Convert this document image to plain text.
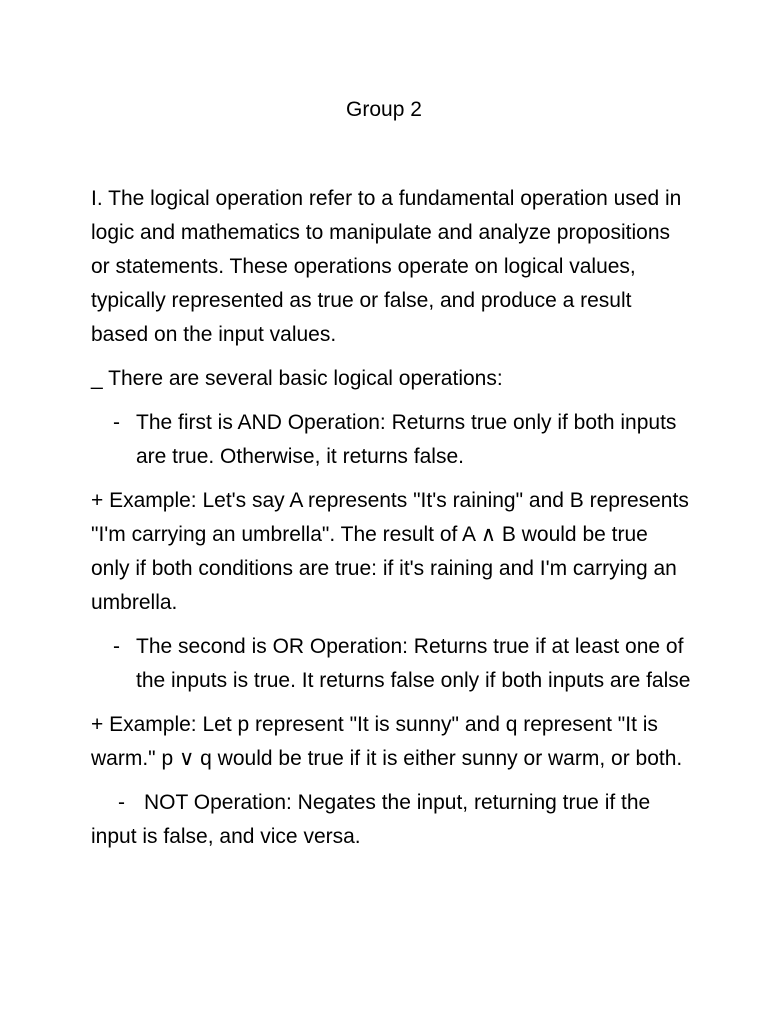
Group 2

I. The logical operation refer to a fundamental operation used in logic and mathematics to manipulate and analyze propositions or statements. These operations operate on logical values, typically represented as true or false, and produce a result based on the input values.

_ There are several basic logical operations:

- The first is AND Operation: Returns true only if both inputs are true. Otherwise, it returns false.

+ Example: Let's say A represents "It's raining" and B represents "I'm carrying an umbrella". The result of A ∧ B would be true only if both conditions are true: if it's raining and I'm carrying an umbrella.

- The second is OR Operation: Returns true if at least one of the inputs is true. It returns false only if both inputs are false

+ Example: Let p represent "It is sunny" and q represent "It is warm." p ∨ q would be true if it is either sunny or warm, or both.

- NOT Operation: Negates the input, returning true if the input is false, and vice versa.
